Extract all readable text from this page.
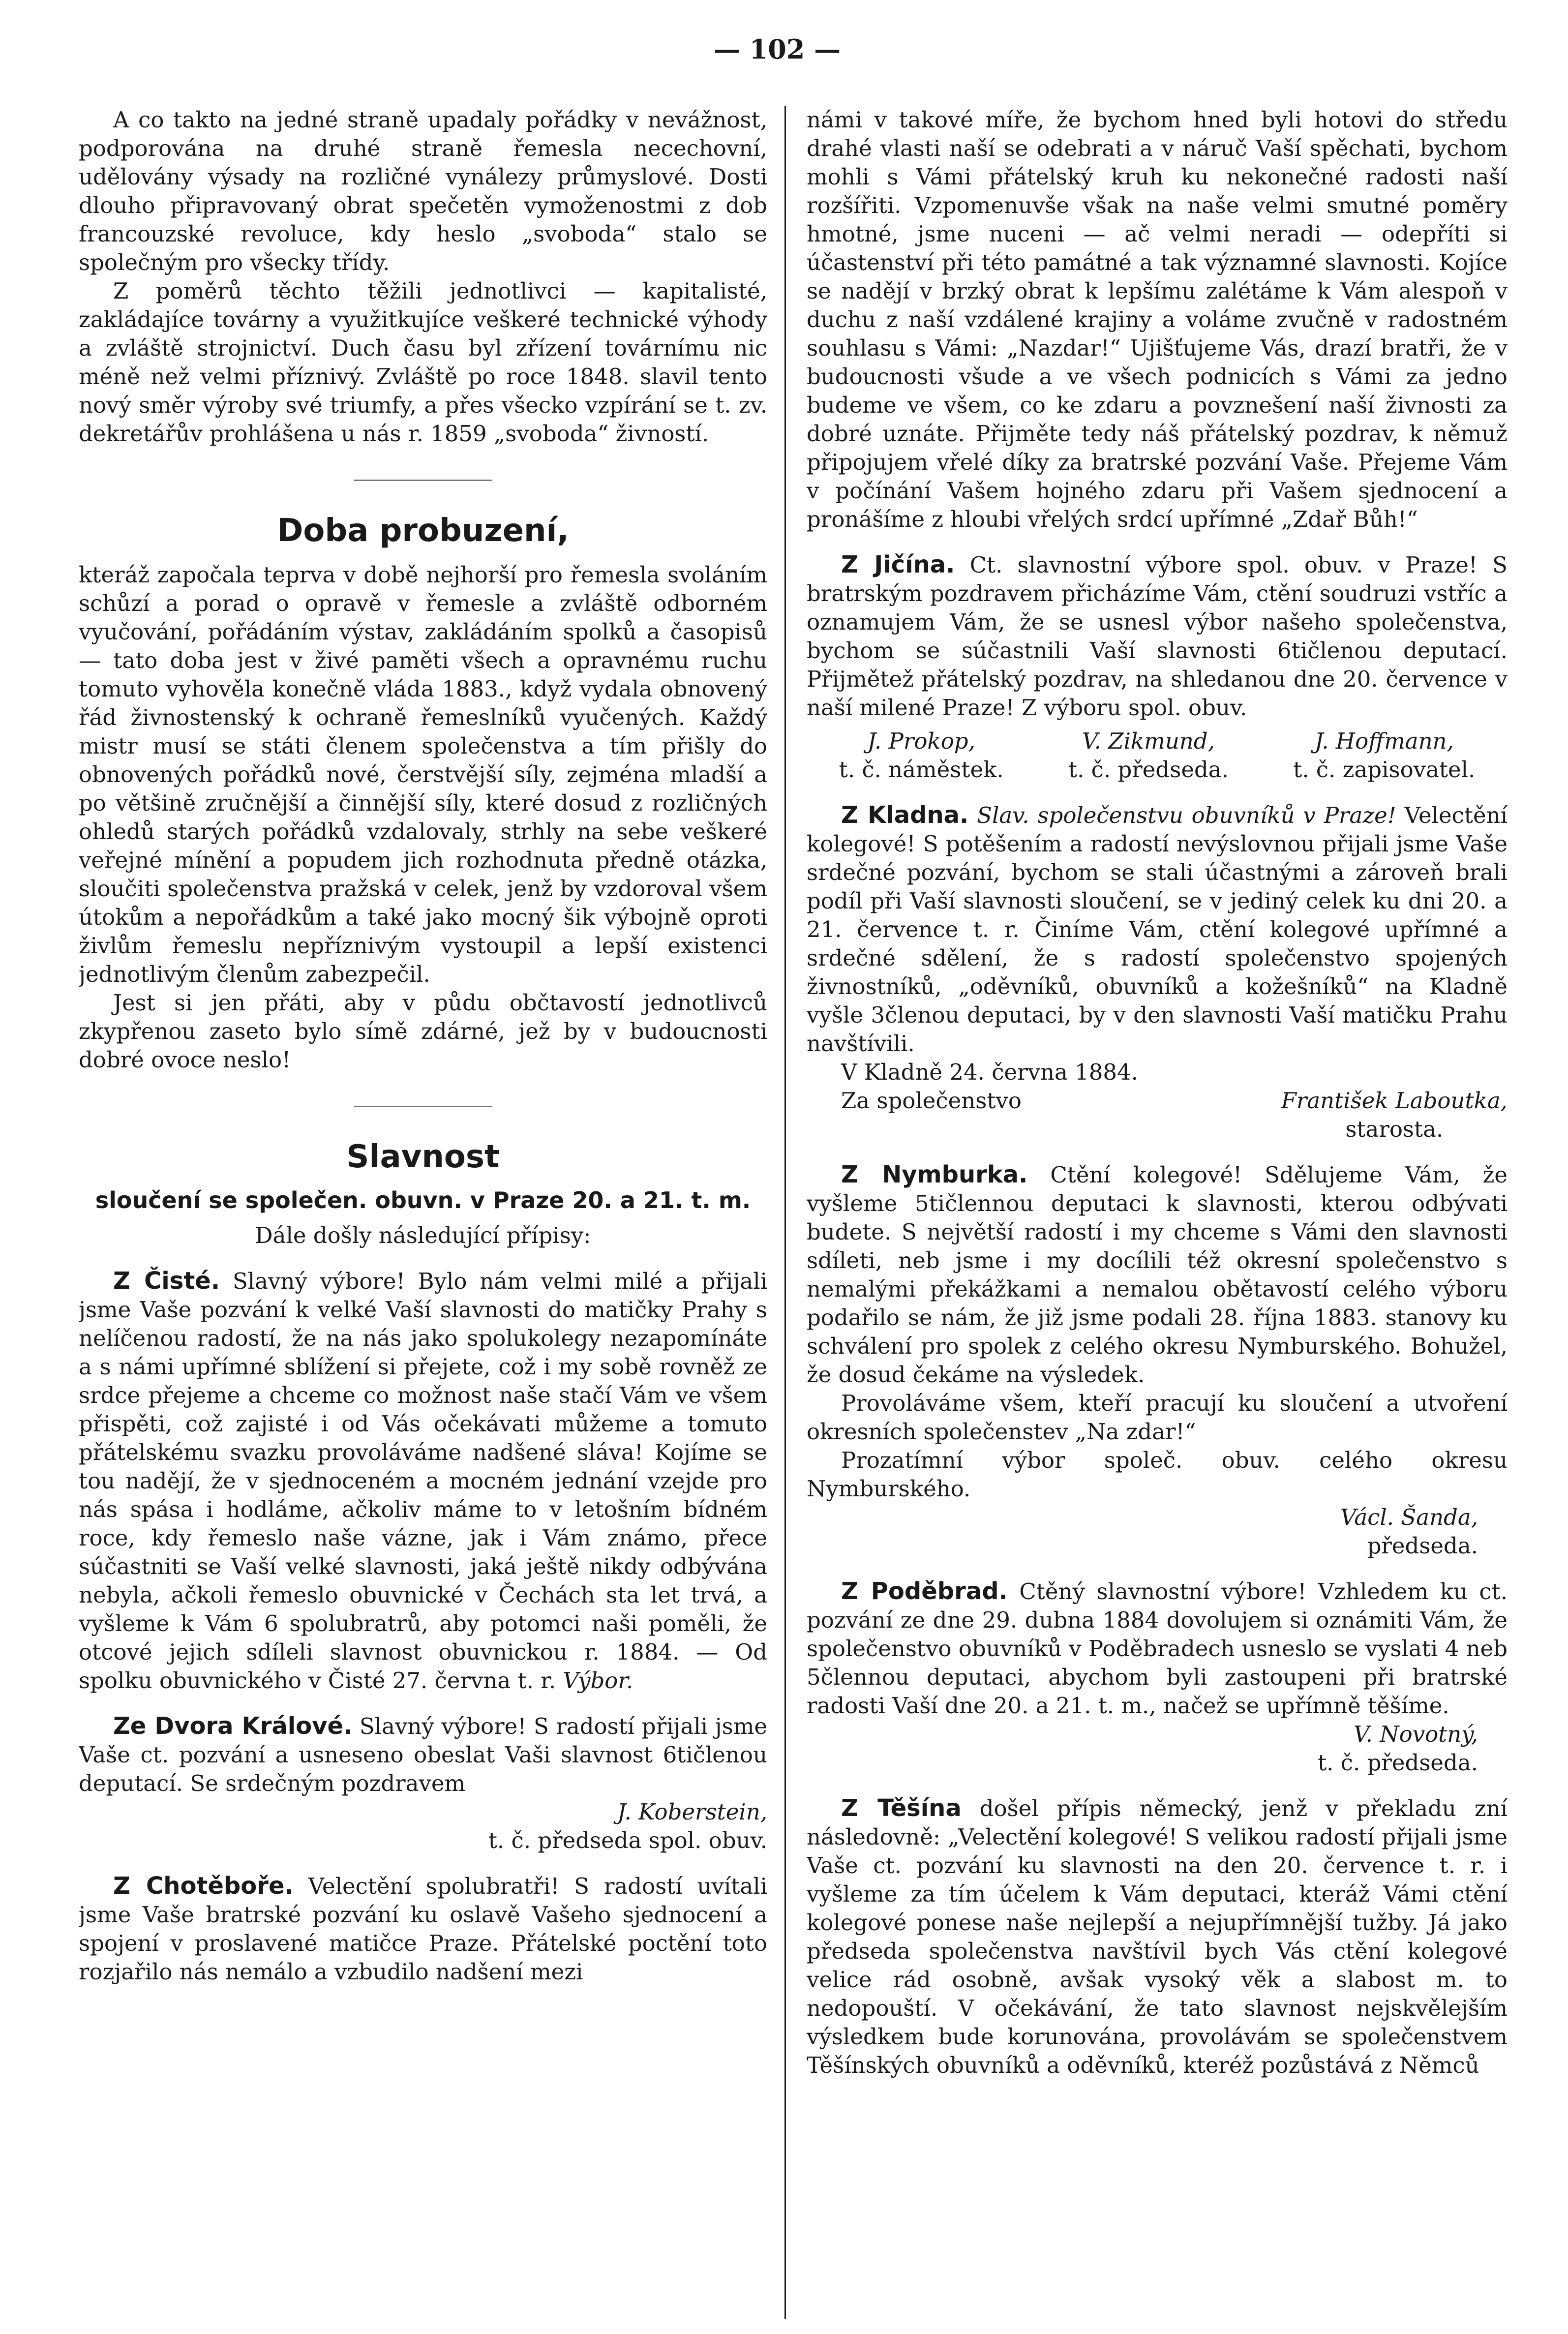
— 102 —

A co takto na jedné straně upadaly pořádky v nevážnost, podporována na druhé straně řemesla necechovní, udělovány výsady na rozličné vynálezy průmyslové. Dosti dlouho připravovaný obrat spečetěn vymoženostmi z dob francouzské revoluce, kdy heslo „svoboda“ stalo se společným pro všecky třídy.

Z poměrů těchto těžili jednotlivci — kapitalisté, zakládajíce továrny a využitkujíce veškeré technické výhody a zvláště strojnictví. Duch času byl zřízení továrnímu nic méně než velmi příznivý. Zvláště po roce 1848. slavil tento nový směr výroby své triumfy, a přes všecko vzpírání se t. zv. dekretářův prohlášena u nás r. 1859 „svoboda“ živností.

Doba probuzení,

kteráž započala teprva v době nejhorší pro řemesla svoláním schůzí a porad o opravě v řemesle a zvláště odborném vyučování, pořádáním výstav, zakládáním spolků a časopisů — tato doba jest v živé paměti všech a opravnému ruchu tomuto vyhověla konečně vláda 1883., když vydala obnovený řád živnostenský k ochraně řemeslníků vyučených. Každý mistr musí se státi členem společenstva a tím přišly do obnovených pořádků nové, čerstvější síly, zejména mladší a po většině zručnější a činnější síly, které dosud z rozličných ohledů starých pořádků vzdalovaly, strhly na sebe veškeré veřejné mínění a popudem jich rozhodnuta předně otázka, sloučiti společenstva pražská v celek, jenž by vzdoroval všem útokům a nepořádkům a také jako mocný šik výbojně oproti živlům řemeslu nepříznivým vystoupil a lepší existenci jednotlivým členům zabezpečil.

Jest si jen přáti, aby v půdu občtavostí jednotlivců zkypřenou zaseto bylo símě zdárné, jež by v budoucnosti dobré ovoce neslo!

Slavnost
sloučení se společen. obuvn. v Praze 20. a 21. t. m.

Dále došly následující přípisy:

Z Čisté. Slavný výbore! Bylo nám velmi milé a přijali jsme Vaše pozvání k velké Vaší slavnosti do matičky Prahy s nelíčenou radostí, že na nás jako spolukolegy nezapomínáte a s námi upřímné sblížení si přejete, což i my sobě rovněž ze srdce přejeme a chceme co možnost naše stačí Vám ve všem přispěti, což zajisté i od Vás očekávati můžeme a tomuto přátelskému svazku provoláváme nadšené sláva! Kojíme se tou nadějí, že v sjednoceném a mocném jednání vzejde pro nás spása i hodláme, ačkoliv máme to v letošním bídném roce, kdy řemeslo naše vázne, jak i Vám známo, přece súčastniti se Vaší velké slavnosti, jaká ještě nikdy odbývána nebyla, ačkoli řemeslo obuvnické v Čechách sta let trvá, a vyšleme k Vám 6 spolubratrů, aby potomci naši poměli, že otcové jejich sdíleli slavnost obuvnickou r. 1884. — Od spolku obuvnického v Čisté 27. června t. r. Výbor.

Ze Dvora Králové. Slavný výbore! S radostí přijali jsme Vaše ct. pozvání a usneseno obeslat Vaši slavnost 6tičlenou deputací. Se srdečným pozdravem

J. Koberstein,
t. č. předseda spol. obuv.

Z Chotěboře. Velectění spolubratři! S radostí uvítali jsme Vaše bratrské pozvání ku oslavě Vašeho sjednocení a spojení v proslavené matičce Praze. Přátelské poctění toto rozjařilo nás nemálo a vzbudilo nadšení mezi

námi v takové míře, že bychom hned byli hotovi do středu drahé vlasti naší se odebrati a v náruč Vaší spěchati, bychom mohli s Vámi přátelský kruh ku nekonečné radosti naší rozšířiti. Vzpomenuvše však na naše velmi smutné poměry hmotné, jsme nuceni — ač velmi neradi — odepříti si účastenství při této památné a tak významné slavnosti. Kojíce se nadějí v brzký obrat k lepšímu zalétáme k Vám alespoň v duchu z naší vzdálené krajiny a voláme zvučně v radostném souhlasu s Vámi: „Nazdar!“ Ujišťujeme Vás, drazí bratři, že v budoucnosti všude a ve všech podnicích s Vámi za jedno budeme ve všem, co ke zdaru a povznešení naší živnosti za dobré uznáte. Přijměte tedy náš přátelský pozdrav, k němuž připojujem vřelé díky za bratrské pozvání Vaše. Přejeme Vám v počínání Vašem hojného zdaru při Vašem sjednocení a pronášíme z hloubi vřelých srdcí upřímné „Zdař Bůh!“

Z Jičína. Ct. slavnostní výbore spol. obuv. v Praze! S bratrským pozdravem přicházíme Vám, ctění soudruzi vstříc a oznamujem Vám, že se usnesl výbor našeho společenstva, bychom se súčastnili Vaší slavnosti 6tičlenou deputací. Přijmětež přátelský pozdrav, na shledanou dne 20. července v naší milené Praze! Z výboru spol. obuv.

J. Prokop,
t. č. náměstek.
V. Zikmund,
t. č. předseda.
J. Hoffmann,
t. č. zapisovatel.

Z Kladna. Slav. společenstvu obuvníků v Praze! Velectění kolegové! S potěšením a radostí nevýslovnou přijali jsme Vaše srdečné pozvání, bychom se stali účastnými a zároveň brali podíl při Vaší slavnosti sloučení, se v jediný celek ku dni 20. a 21. července t. r. Činíme Vám, ctění kolegové upřímné a srdečné sdělení, že s radostí společenstvo spojených živnostníků, „oděvníků, obuvníků a kožešníků“ na Kladně vyšle 3členou deputaci, by v den slavnosti Vaší matičku Prahu navštívili.

V Kladně 24. června 1884.

Za společenstvo	František Laboutka,
starosta.

Z Nymburka. Ctění kolegové! Sdělujeme Vám, že vyšleme 5tičlennou deputaci k slavnosti, kterou odbývati budete. S největší radostí i my chceme s Vámi den slavnosti sdíleti, neb jsme i my docílili též okresní společenstvo s nemalými překážkami a nemalou obětavostí celého výboru podařilo se nám, že již jsme podali 28. října 1883. stanovy ku schválení pro spolek z celého okresu Nymburského. Bohužel, že dosud čekáme na výsledek.

Provoláváme všem, kteří pracují ku sloučení a utvoření okresních společenstev „Na zdar!“

Prozatímní výbor společ. obuv. celého okresu Nymburského.

Václ. Šanda,
předseda.

Z Poděbrad. Ctěný slavnostní výbore! Vzhledem ku ct. pozvání ze dne 29. dubna 1884 dovolujem si oznámiti Vám, že společenstvo obuvníků v Poděbradech usneslo se vyslati 4 neb 5člennou deputaci, abychom byli zastoupeni při bratrské radosti Vaší dne 20. a 21. t. m., načež se upřímně těšíme.

V. Novotný,
t. č. předseda.

Z Těšína došel přípis německý, jenž v překladu zní následovně: „Velectění kolegové! S velikou radostí přijali jsme Vaše ct. pozvání ku slavnosti na den 20. července t. r. i vyšleme za tím účelem k Vám deputaci, kteráž Vámi ctění kolegové ponese naše nejlepší a nejupřímnější tužby. Já jako předseda společenstva navštívil bych Vás ctění kolegové velice rád osobně, avšak vysoký věk a slabost m. to nedopouští. V očekávání, že tato slavnost nejskvělejším výsledkem bude korunována, provolávám se společenstvem Těšínských obuvníků a oděvníků, kteréž pozůstává z Němců
